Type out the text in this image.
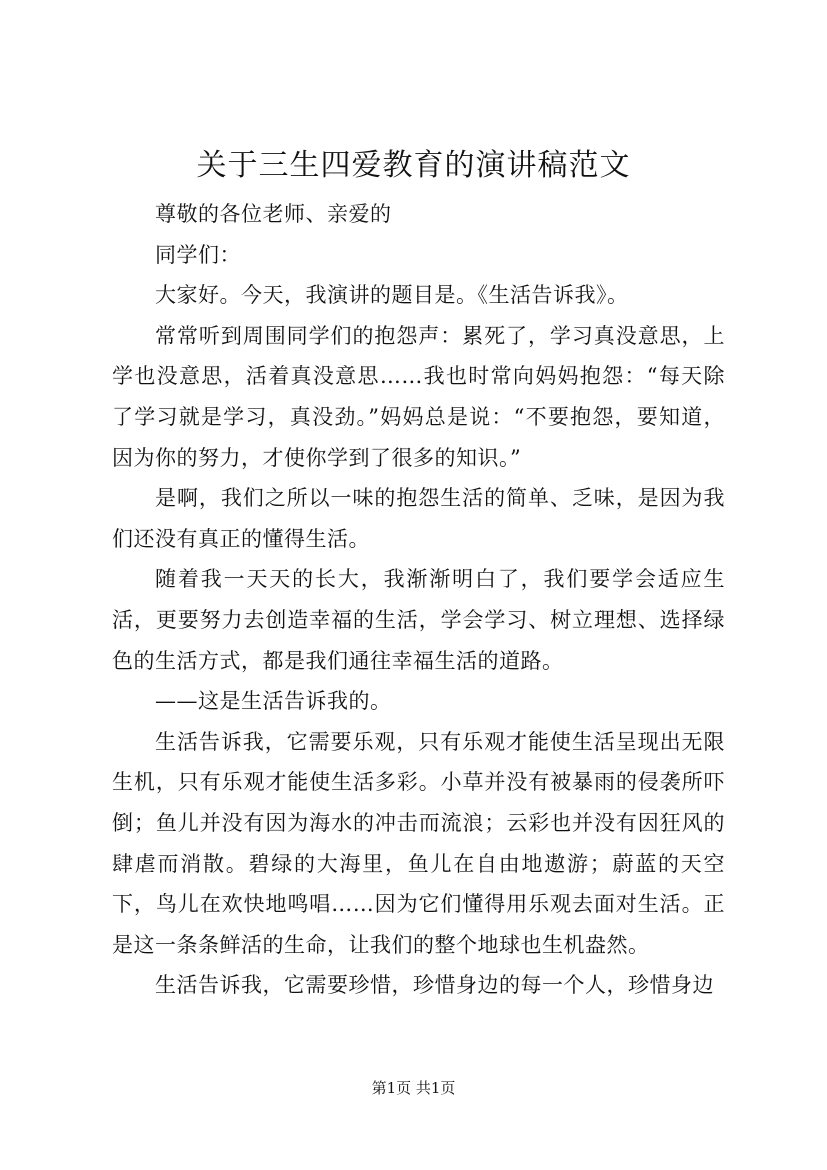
关于三生四爱教育的演讲稿范文

尊敬的各位老师、亲爱的

同学们：

大家好。今天，我演讲的题目是。《生活告诉我》。

常常听到周围同学们的抱怨声：累死了，学习真没意思，上学也没意思，活着真没意思……我也时常向妈妈抱怨：“每天除了学习就是学习，真没劲。”妈妈总是说：“不要抱怨，要知道，因为你的努力，才使你学到了很多的知识。”

是啊，我们之所以一味的抱怨生活的简单、乏味，是因为我们还没有真正的懂得生活。

随着我一天天的长大，我渐渐明白了，我们要学会适应生活，更要努力去创造幸福的生活，学会学习、树立理想、选择绿色的生活方式，都是我们通往幸福生活的道路。

——这是生活告诉我的。

生活告诉我，它需要乐观，只有乐观才能使生活呈现出无限生机，只有乐观才能使生活多彩。小草并没有被暴雨的侵袭所吓倒；鱼儿并没有因为海水的冲击而流浪；云彩也并没有因狂风的肆虐而消散。碧绿的大海里，鱼儿在自由地遨游；蔚蓝的天空下，鸟儿在欢快地鸣唱……因为它们懂得用乐观去面对生活。正是这一条条鲜活的生命，让我们的整个地球也生机盎然。

生活告诉我，它需要珍惜，珍惜身边的每一个人，珍惜身边

第1页 共1页
